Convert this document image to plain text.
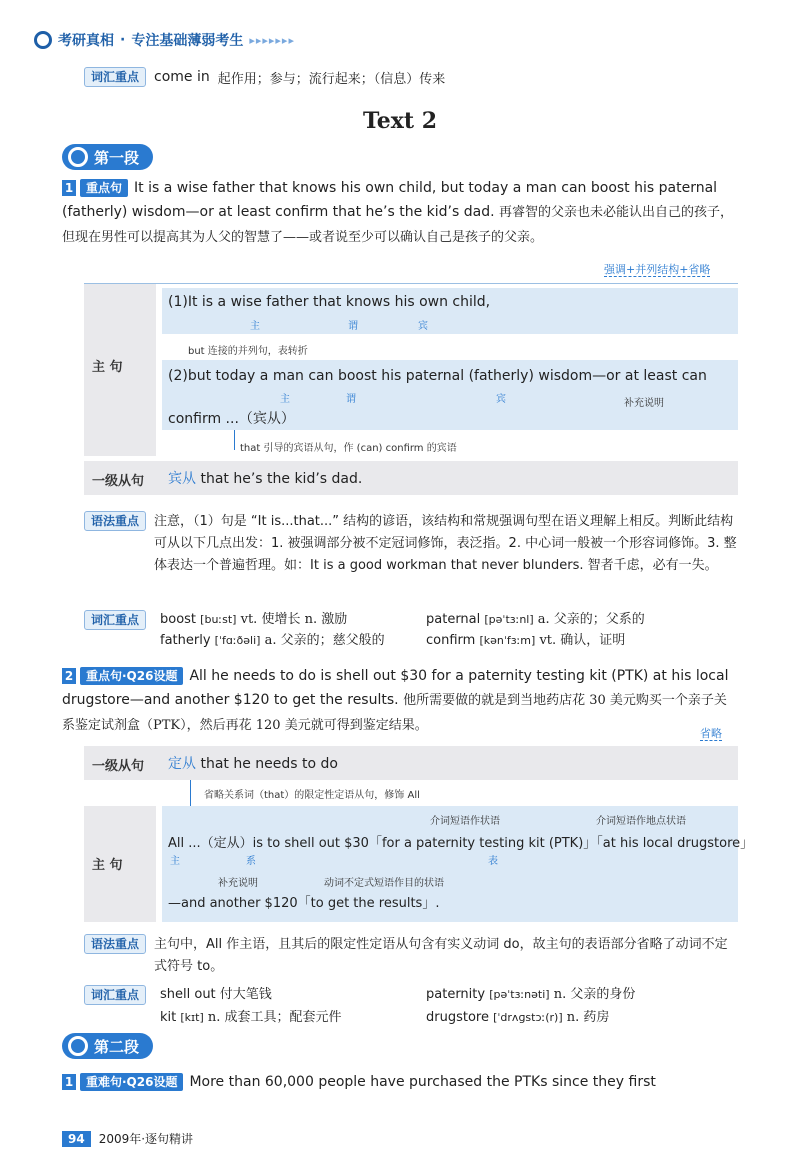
考研真相 · 专注基础薄弱考生 ▸▸▸▸▸▸▸
词汇重点	come in 起作用；参与；流行起来；（信息）传来
Text 2
第一段
1 重点句 It is a wise father that knows his own child, but today a man can boost his paternal (fatherly) wisdom—or at least confirm that he’s the kid’s dad. 再睿智的父亲也未必能认出自己的孩子，但现在男性可以提高其为人父的智慧了——或者说至少可以确认自己是孩子的父亲。
强调+并列结构+省略
主 句
(1)It is a wise father that knows his own child,
主	谓	宾
but 连接的并列句，表转折
(2)but today a man can boost his paternal (fatherly) wisdom—or at least can
主	谓	宾	补充说明
confirm ...（宾从）
that 引导的宾语从句，作 (can) confirm 的宾语
一级从句 宾从 that he’s the kid’s dad.
语法重点	注意，（1）句是 “It is...that...” 结构的谚语，该结构和常规强调句型在语义理解上相反。判断此结构可从以下几点出发：1. 被强调部分被不定冠词修饰，表泛指。2. 中心词一般被一个形容词修饰。3. 整体表达一个普遍哲理。如：It is a good workman that never blunders. 智者千虑，必有一失。
词汇重点	boost [buːst] vt. 使增长 n. 激励	paternal [pəˈtɜːnl] a. 父亲的；父系的
fatherly [ˈfɑːðəli] a. 父亲的；慈父般的	confirm [kənˈfɜːm] vt. 确认，证明
2 重点句·Q26设题 All he needs to do is shell out $30 for a paternity testing kit (PTK) at his local drugstore—and another $120 to get the results. 他所需要做的就是到当地药店花 30 美元购买一个亲子关系鉴定试剂盒（PTK），然后再花 120 美元就可得到鉴定结果。
省略
一级从句 定从 that he needs to do
省略关系词（that）的限定性定语从句，修饰 All
主 句
介词短语作状语	介词短语作地点状语
All ...（定从）is to shell out $30「for a paternity testing kit (PTK)」「at his local drugstore」
主	系	表
补充说明	动词不定式短语作目的状语
—and another $120「to get the results」.
语法重点	主句中，All 作主语，且其后的限定性定语从句含有实义动词 do，故主句的表语部分省略了动词不定式符号 to。
词汇重点	shell out 付大笔钱	paternity [pəˈtɜːnəti] n. 父亲的身份
kit [kɪt] n. 成套工具；配套元件	drugstore [ˈdrʌɡstɔː(r)] n. 药房
第二段
1 重难句·Q26设题 More than 60,000 people have purchased the PTKs since they first
94	2009年·逐句精讲
